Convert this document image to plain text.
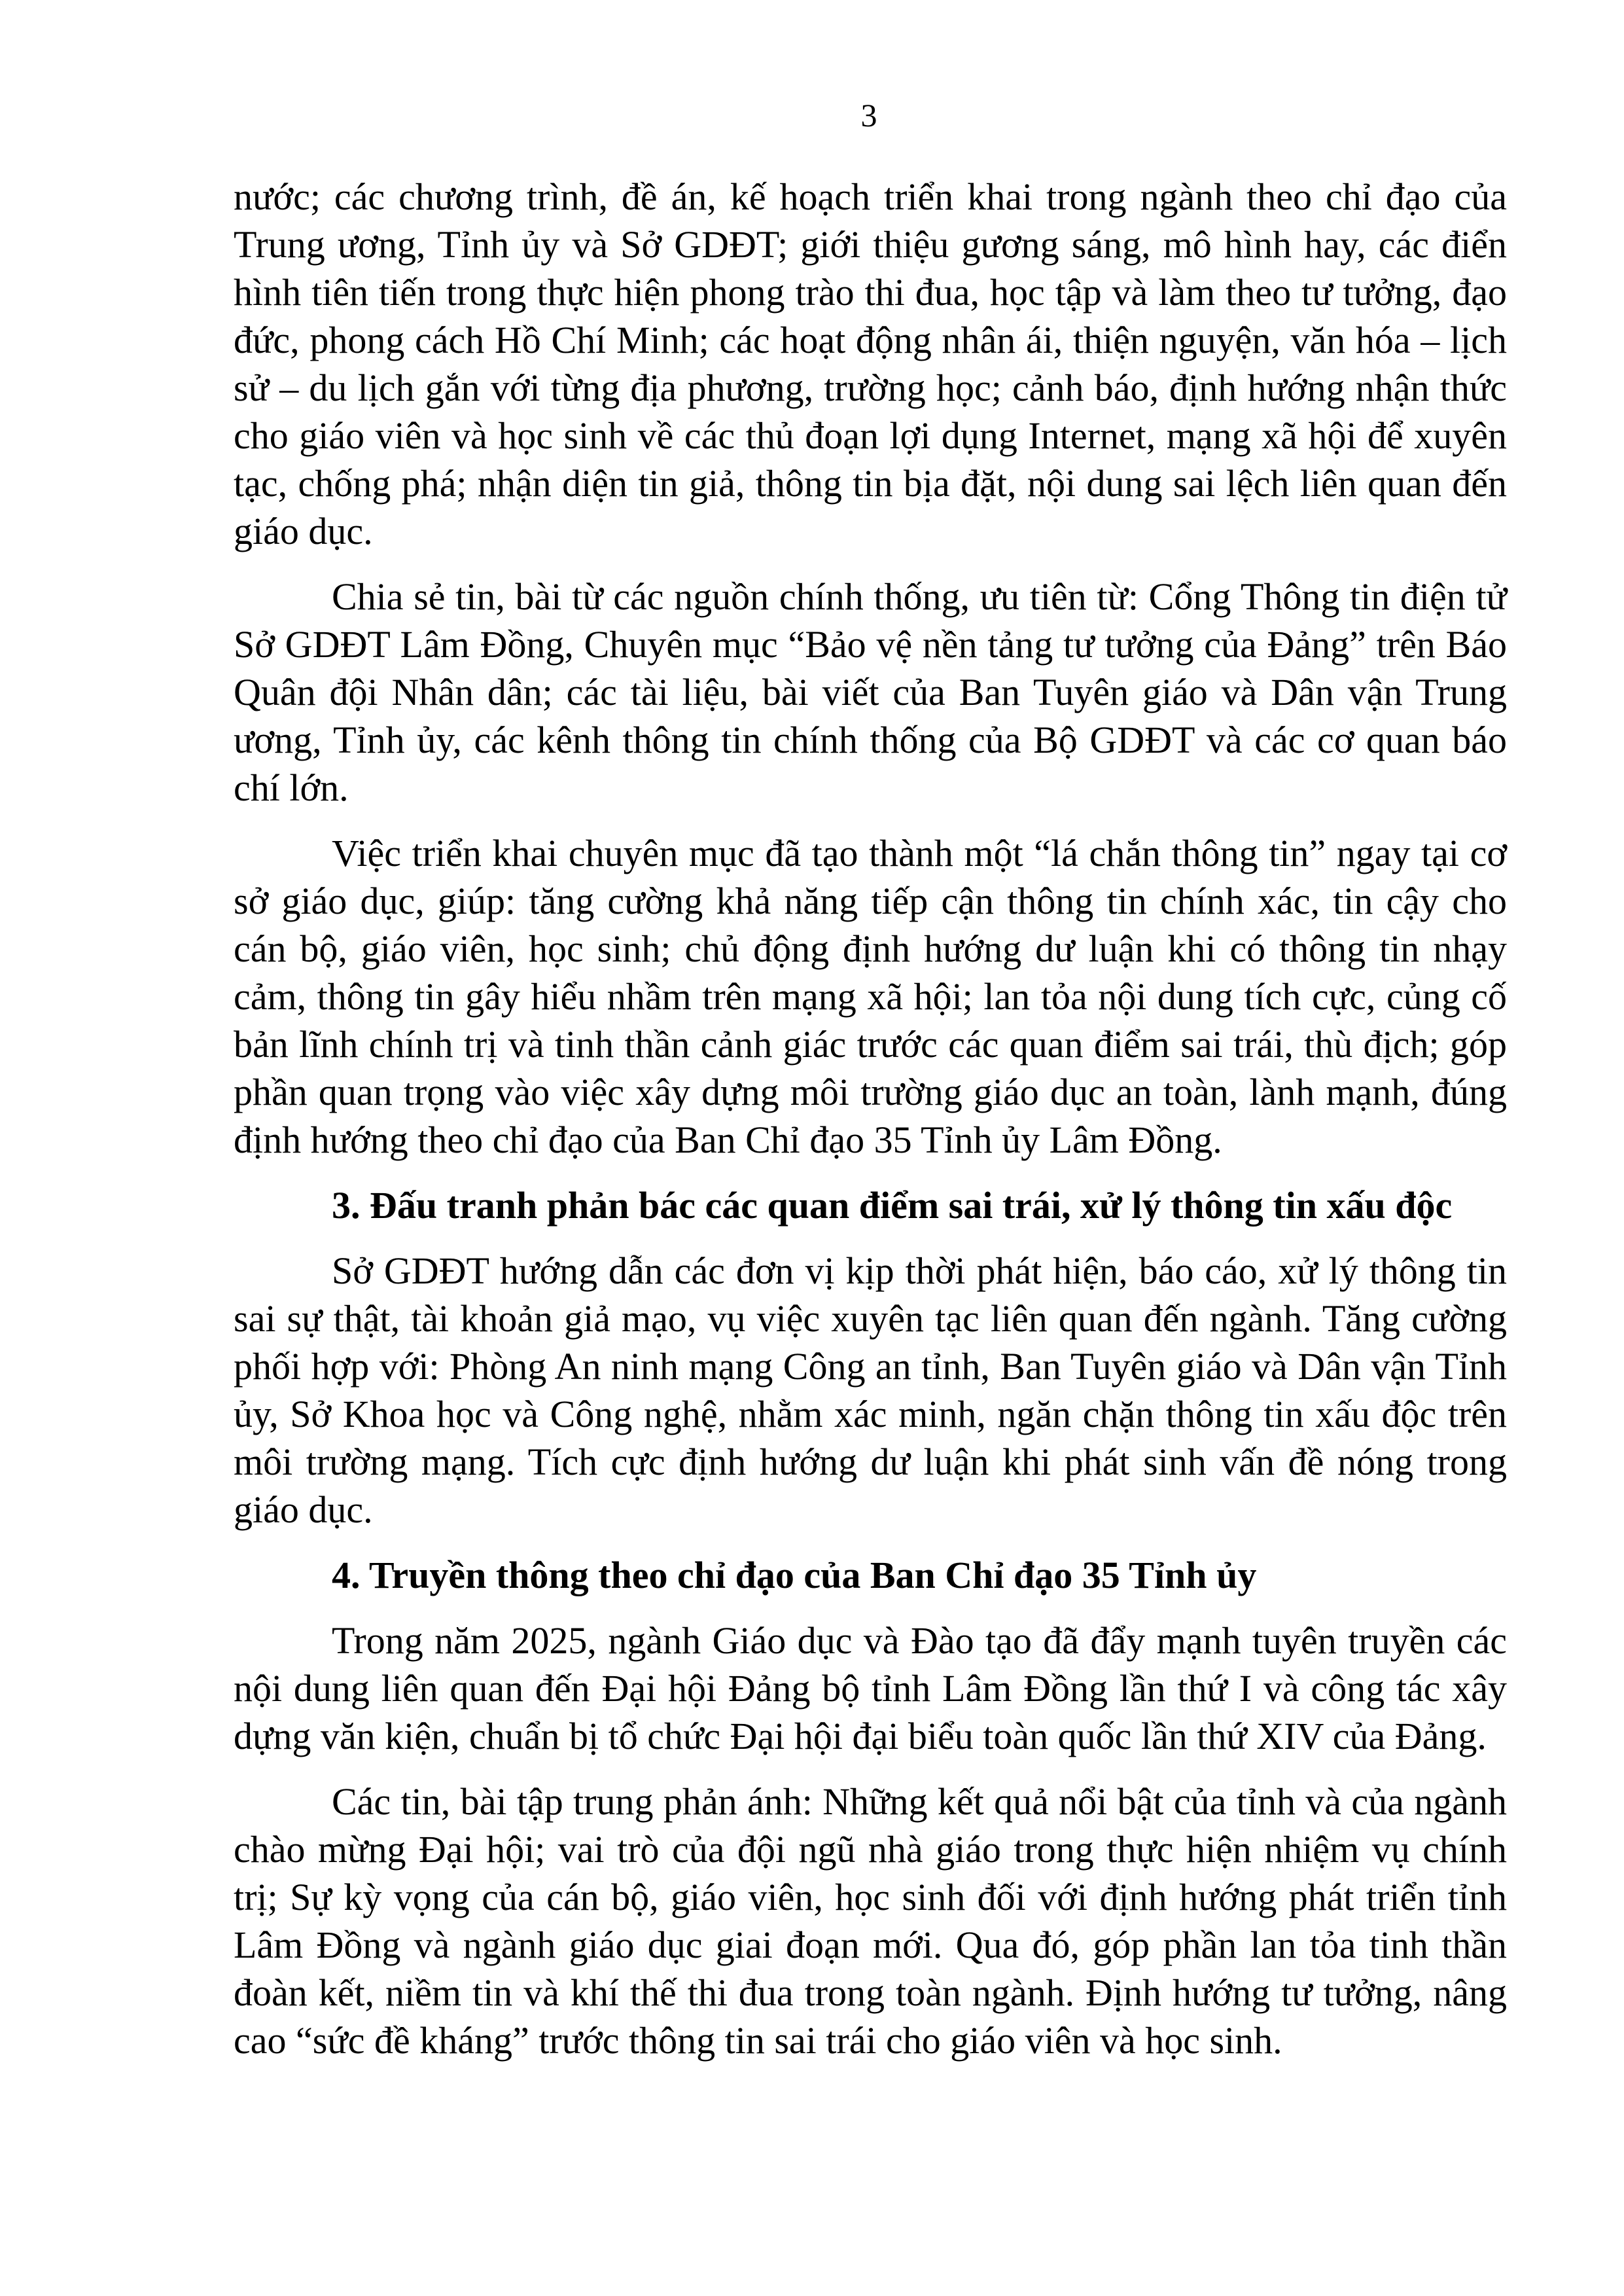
3
nước; các chương trình, đề án, kế hoạch triển khai trong ngành theo chỉ đạo của
Trung ương, Tỉnh ủy và Sở GDĐT; giới thiệu gương sáng, mô hình hay, các điển
hình tiên tiến trong thực hiện phong trào thi đua, học tập và làm theo tư tưởng, đạo
đức, phong cách Hồ Chí Minh; các hoạt động nhân ái, thiện nguyện, văn hóa – lịch
sử – du lịch gắn với từng địa phương, trường học; cảnh báo, định hướng nhận thức
cho giáo viên và học sinh về các thủ đoạn lợi dụng Internet, mạng xã hội để xuyên
tạc, chống phá; nhận diện tin giả, thông tin bịa đặt, nội dung sai lệch liên quan đến
giáo dục.
Chia sẻ tin, bài từ các nguồn chính thống, ưu tiên từ: Cổng Thông tin điện tử
Sở GDĐT Lâm Đồng, Chuyên mục “Bảo vệ nền tảng tư tưởng của Đảng” trên Báo
Quân đội Nhân dân; các tài liệu, bài viết của Ban Tuyên giáo và Dân vận Trung
ương, Tỉnh ủy, các kênh thông tin chính thống của Bộ GDĐT và các cơ quan báo
chí lớn.
Việc triển khai chuyên mục đã tạo thành một “lá chắn thông tin” ngay tại cơ
sở giáo dục, giúp: tăng cường khả năng tiếp cận thông tin chính xác, tin cậy cho
cán bộ, giáo viên, học sinh; chủ động định hướng dư luận khi có thông tin nhạy
cảm, thông tin gây hiểu nhầm trên mạng xã hội; lan tỏa nội dung tích cực, củng cố
bản lĩnh chính trị và tinh thần cảnh giác trước các quan điểm sai trái, thù địch; góp
phần quan trọng vào việc xây dựng môi trường giáo dục an toàn, lành mạnh, đúng
định hướng theo chỉ đạo của Ban Chỉ đạo 35 Tỉnh ủy Lâm Đồng.
3. Đấu tranh phản bác các quan điểm sai trái, xử lý thông tin xấu độc
Sở GDĐT hướng dẫn các đơn vị kịp thời phát hiện, báo cáo, xử lý thông tin
sai sự thật, tài khoản giả mạo, vụ việc xuyên tạc liên quan đến ngành. Tăng cường
phối hợp với: Phòng An ninh mạng Công an tỉnh, Ban Tuyên giáo và Dân vận Tỉnh
ủy, Sở Khoa học và Công nghệ, nhằm xác minh, ngăn chặn thông tin xấu độc trên
môi trường mạng. Tích cực định hướng dư luận khi phát sinh vấn đề nóng trong
giáo dục.
4. Truyền thông theo chỉ đạo của Ban Chỉ đạo 35 Tỉnh ủy
Trong năm 2025, ngành Giáo dục và Đào tạo đã đẩy mạnh tuyên truyền các
nội dung liên quan đến Đại hội Đảng bộ tỉnh Lâm Đồng lần thứ I và công tác xây
dựng văn kiện, chuẩn bị tổ chức Đại hội đại biểu toàn quốc lần thứ XIV của Đảng.
Các tin, bài tập trung phản ánh: Những kết quả nổi bật của tỉnh và của ngành
chào mừng Đại hội; vai trò của đội ngũ nhà giáo trong thực hiện nhiệm vụ chính
trị; Sự kỳ vọng của cán bộ, giáo viên, học sinh đối với định hướng phát triển tỉnh
Lâm Đồng và ngành giáo dục giai đoạn mới. Qua đó, góp phần lan tỏa tinh thần
đoàn kết, niềm tin và khí thế thi đua trong toàn ngành. Định hướng tư tưởng, nâng
cao “sức đề kháng” trước thông tin sai trái cho giáo viên và học sinh.
